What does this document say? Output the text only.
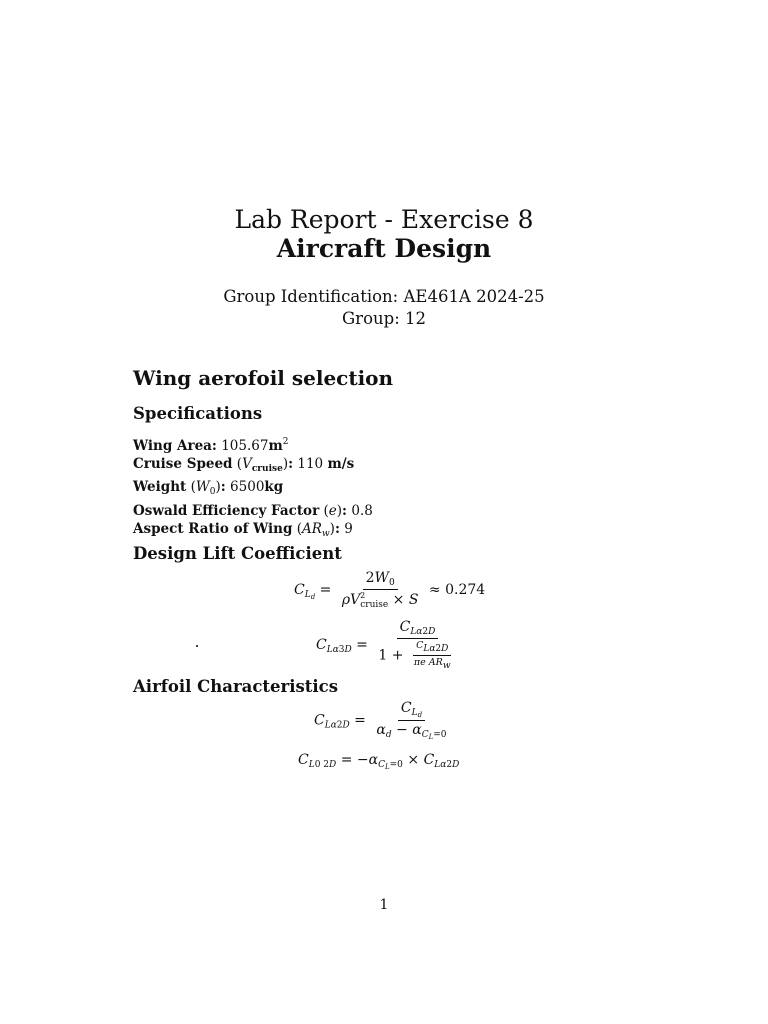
Lab Report - Exercise 8
Aircraft Design
Group Identification: AE461A 2024-25
Group: 12
Wing aerofoil selection
Specifications
Wing Area: $105.67m^2$
Cruise Speed $(V_{cruise})$: 110 m/s
Weight $(W_0)$: 6500kg
Oswald Efficiency Factor (e): 0.8
Aspect Ratio of Wing $(AR_w)$: 9
Design Lift Coefficient
$C_{L_d} = \frac{2W_0}{\rho V^2_{cruise} \times S} \approx 0.274$
$C_{L\alpha 3D} = \frac{C_{L\alpha 2D}}{1 + \frac{C_{L\alpha 2D}}{\pi e AR_w}}$
Airfoil Characteristics
$C_{L\alpha 2D} = \frac{C_{L_d}}{\alpha_d - \alpha_{C_L=0}}$
$C_{L0 2D} = -\alpha_{C_L=0} \times C_{L\alpha 2D}$
1
